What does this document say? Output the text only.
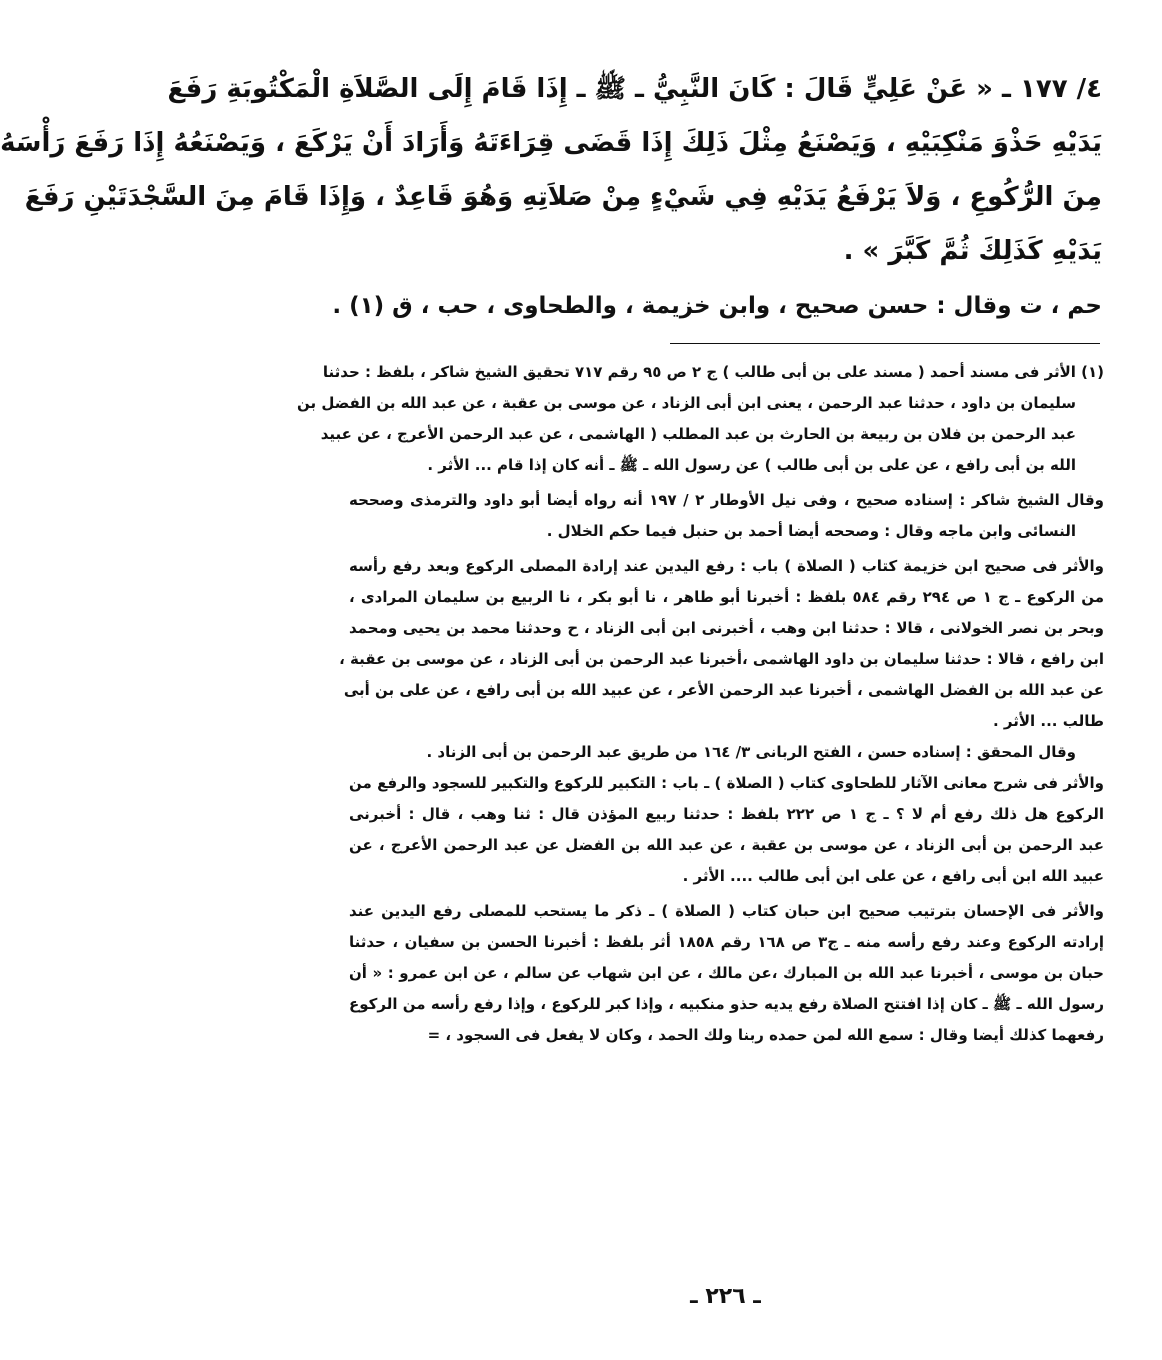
٤/ ١٧٧ ـ « عَنْ عَلِيٍّ قَالَ : كَانَ النَّبِيُّ ـ ﷺ ـ إِذَا قَامَ إِلَى الصَّلاَةِ الْمَكْتُوبَةِ رَفَعَ
يَدَيْهِ حَذْوَ مَنْكِبَيْهِ ، وَيَصْنَعُ مِثْلَ ذَلِكَ إِذَا قَضَى قِرَاءَتَهُ وَأَرَادَ أَنْ يَرْكَعَ ، وَيَصْنَعُهُ إِذَا رَفَعَ رَأْسَهُ
مِنَ الرُّكُوعِ ، وَلاَ يَرْفَعُ يَدَيْهِ فِي شَيْءٍ مِنْ صَلاَتِهِ وَهُوَ قَاعِدٌ ، وَإِذَا قَامَ مِنَ السَّجْدَتَيْنِ رَفَعَ
يَدَيْهِ كَذَلِكَ ثُمَّ كَبَّرَ » .
حم ، ت وقال : حسن صحيح ، وابن خزيمة ، والطحاوى ، حب ، ق (١) .
(١) الأثر فى مسند أحمد ( مسند على بن أبى طالب ) ج ٢ ص ٩٥ رقم ٧١٧ تحقيق الشيخ شاكر ، بلفظ : حدثنا
سليمان بن داود ، حدثنا عبد الرحمن ، يعنى ابن أبى الزناد ، عن موسى بن عقبة ، عن عبد الله بن الفضل بن
عبد الرحمن بن فلان بن ربيعة بن الحارث بن عبد المطلب ( الهاشمى ، عن عبد الرحمن الأعرج ، عن عبيد
الله بن أبى رافع ، عن على بن أبى طالب ) عن رسول الله ـ ﷺ ـ أنه كان إذا قام ... الأثر .
وقال الشيخ شاكر : إسناده صحيح ، وفى نيل الأوطار ٢ / ١٩٧ أنه رواه أيضا أبو داود والترمذى وصححه
النسائى وابن ماجه وقال : وصححه أيضا أحمد بن حنبل فيما حكم الخلال .
والأثر فى صحيح ابن خزيمة كتاب ( الصلاة ) باب : رفع اليدين عند إرادة المصلى الركوع وبعد رفع رأسه
من الركوع ـ ج ١ ص ٢٩٤ رقم ٥٨٤ بلفظ : أخبرنا أبو طاهر ، نا أبو بكر ، نا الربيع بن سليمان المرادى ،
وبحر بن نصر الخولانى ، قالا : حدثنا ابن وهب ، أخبرنى ابن أبى الزناد ، ح وحدثنا محمد بن يحيى ومحمد
ابن رافع ، قالا : حدثنا سليمان بن داود الهاشمى ،أخبرنا عبد الرحمن بن أبى الزناد ، عن موسى بن عقبة ،
عن عبد الله بن الفضل الهاشمى ، أخبرنا عبد الرحمن الأعر ، عن عبيد الله بن أبى رافع ، عن على بن أبى
طالب ... الأثر .
وقال المحقق : إسناده حسن ، الفتح الربانى ٣/ ١٦٤ من طريق عبد الرحمن بن أبى الزناد .
والأثر فى شرح معانى الآثار للطحاوى كتاب ( الصلاة ) ـ باب : التكبير للركوع والتكبير للسجود والرفع من
الركوع هل ذلك رفع أم لا ؟ ـ ج ١ ص ٢٢٢ بلفظ : حدثنا ربيع المؤذن قال : ثنا وهب ، قال : أخبرنى
عبد الرحمن بن أبى الزناد ، عن موسى بن عقبة ، عن عبد الله بن الفضل عن عبد الرحمن الأعرج ، عن
عبيد الله ابن أبى رافع ، عن على ابن أبى طالب .... الأثر .
والأثر فى الإحسان بترتيب صحيح ابن حبان كتاب ( الصلاة ) ـ ذكر ما يستحب للمصلى رفع اليدين عند
إرادته الركوع وعند رفع رأسه منه ـ ج٣ ص ١٦٨ رقم ١٨٥٨ أثر بلفظ : أخبرنا الحسن بن سفيان ، حدثنا
حبان بن موسى ، أخبرنا عبد الله بن المبارك ،عن مالك ، عن ابن شهاب عن سالم ، عن ابن عمرو : « أن
رسول الله ـ ﷺ ـ كان إذا افتتح الصلاة رفع يديه حذو منكبيه ، وإذا كبر للركوع ، وإذا رفع رأسه من الركوع
رفعهما كذلك أيضا وقال : سمع الله لمن حمده ربنا ولك الحمد ، وكان لا يفعل فى السجود ، =
ـ ٢٢٦ ـ
